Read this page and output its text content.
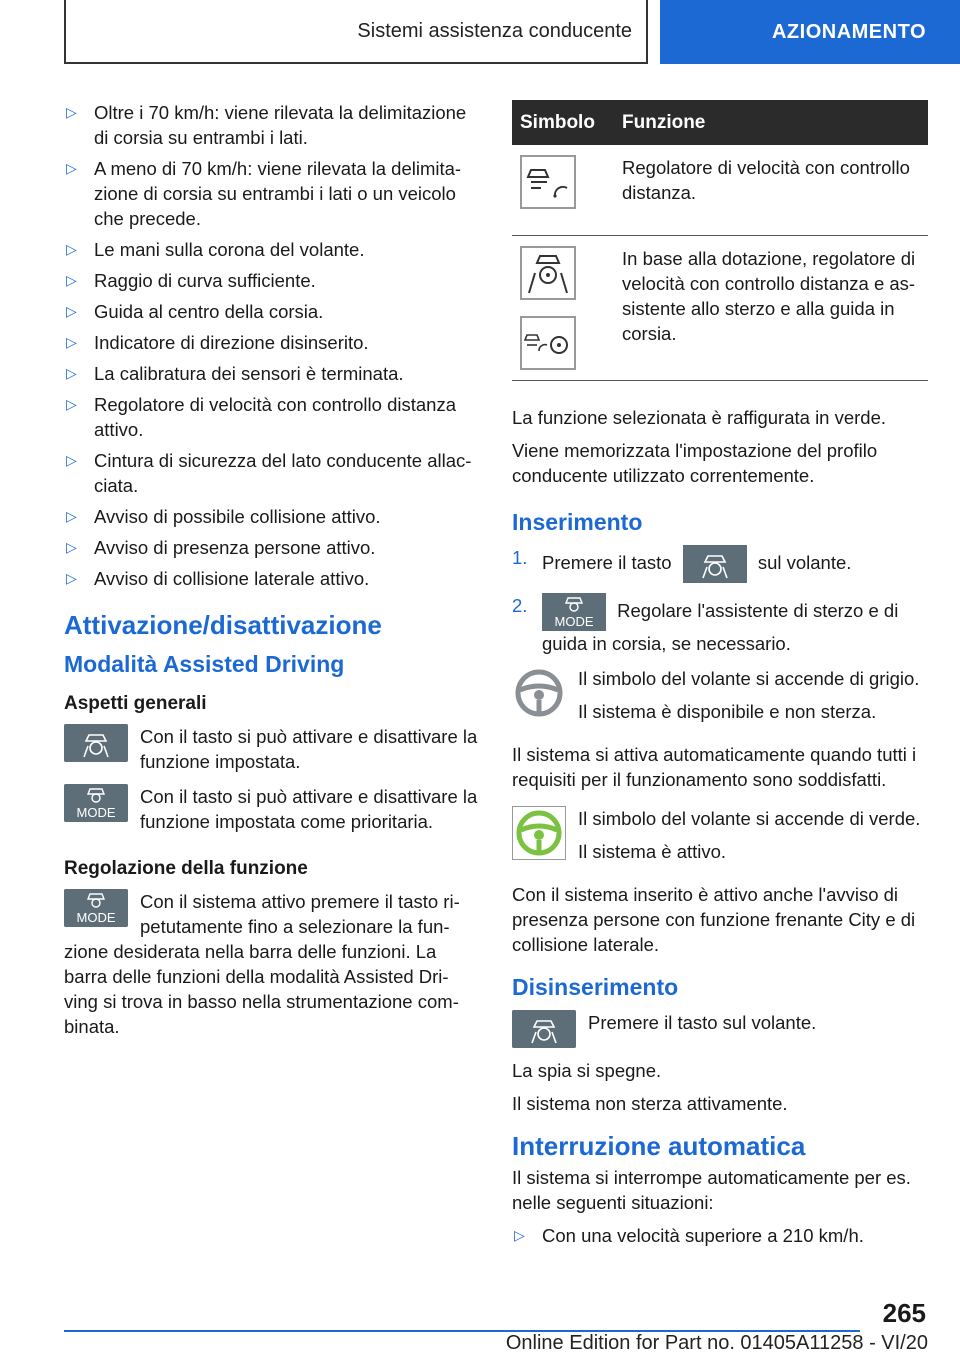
Sistemi assistenza conducente	AZIONAMENTO
▷ Oltre i 70 km/h: viene rilevata la delimitazione di corsia su entrambi i lati.
▷ A meno di 70 km/h: viene rilevata la delimita-zione di corsia su entrambi i lati o un veicolo che precede.
▷ Le mani sulla corona del volante.
▷ Raggio di curva sufficiente.
▷ Guida al centro della corsia.
▷ Indicatore di direzione disinserito.
▷ La calibratura dei sensori è terminata.
▷ Regolatore di velocità con controllo distanza attivo.
▷ Cintura di sicurezza del lato conducente allac-ciata.
▷ Avviso di possibile collisione attivo.
▷ Avviso di presenza persone attivo.
▷ Avviso di collisione laterale attivo.
Attivazione/disattivazione
Modalità Assisted Driving
Aspetti generali
Con il tasto si può attivare e disattivare la funzione impostata.
MODE
Con il tasto si può attivare e disattivare la funzione impostata come prioritaria.
Regolazione della funzione
MODE
Con il sistema attivo premere il tasto ri-petutamente fino a selezionare la fun-
zione desiderata nella barra delle funzioni. La barra delle funzioni della modalità Assisted Dri-ving si trova in basso nella strumentazione com-binata.
Simbolo	Funzione

	Regolatore di velocità con controllo distanza.

	In base alla dotazione, regolatore di velocità con controllo distanza e as-sistente allo sterzo e alla guida in corsia.
La funzione selezionata è raffigurata in verde.
Viene memorizzata l'impostazione del profilo conducente utilizzato correntemente.
Inserimento
1. Premere il tasto	sul volante.
2.
MODE
Regolare l'assistente di sterzo e di guida in corsia, se necessario.
Il simbolo del volante si accende di grigio.
Il sistema è disponibile e non sterza.
Il sistema si attiva automaticamente quando tutti i requisiti per il funzionamento sono soddisfatti.
Il simbolo del volante si accende di verde.
Il sistema è attivo.
Con il sistema inserito è attivo anche l'avviso di presenza persone con funzione frenante City e di collisione laterale.
Disinserimento
Premere il tasto sul volante.
La spia si spegne.
Il sistema non sterza attivamente.
Interruzione automatica
Il sistema si interrompe automaticamente per es. nelle seguenti situazioni:
▷ Con una velocità superiore a 210 km/h.
265
Online Edition for Part no. 01405A11258 - VI/20
